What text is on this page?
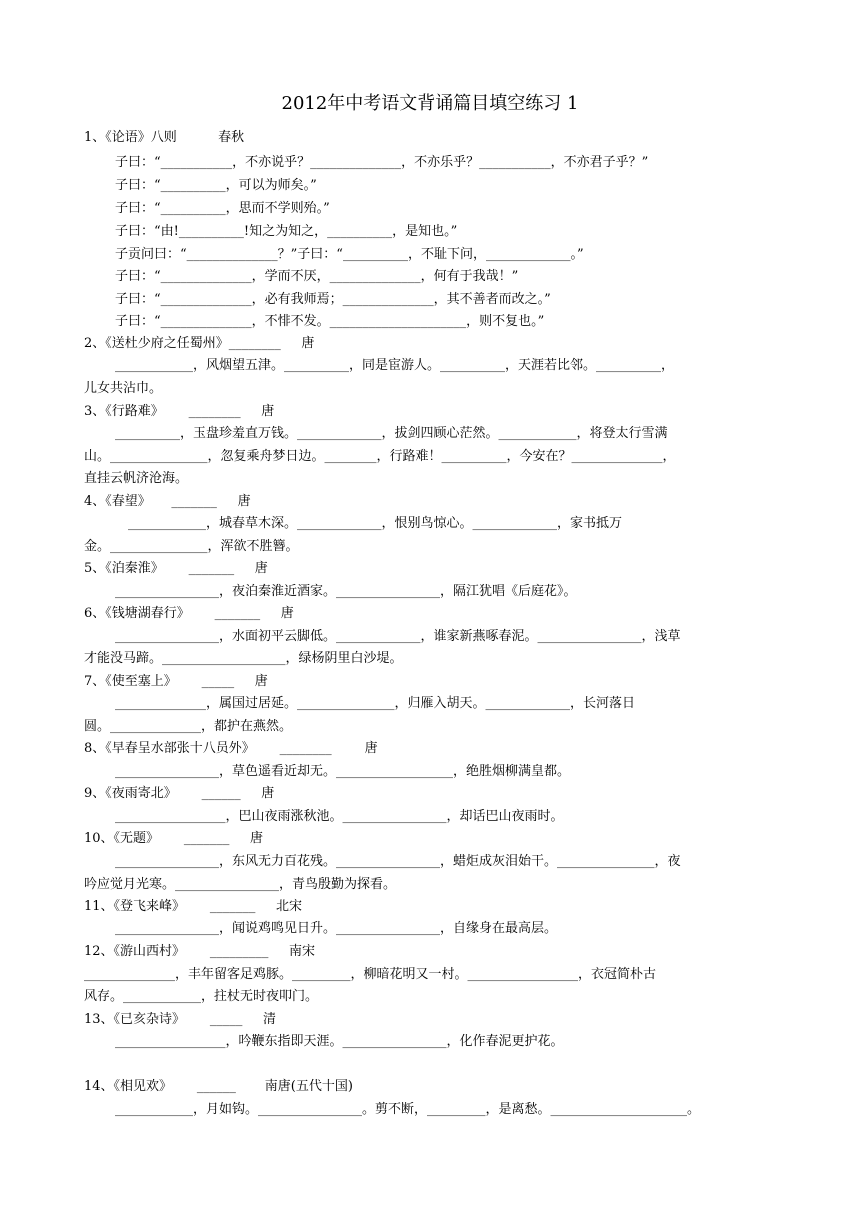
2012年中考语文背诵篇目填空练习 1
1、《论语》八则          春秋
子曰：“___________，不亦说乎？______________，不亦乐乎？___________，不亦君子乎？”
子曰：“__________，可以为师矣。”
子曰：“__________，思而不学则殆。”
子曰：“由!__________!知之为知之，__________，是知也。”
子贡问曰：“______________？”子曰：“__________，不耻下问，_____________。”
子曰：“______________，学而不厌，______________，何有于我哉！”
子曰：“______________，必有我师焉；______________，其不善者而改之。”
子曰：“______________，不悱不发。_____________________，则不复也。”
2、《送杜少府之任蜀州》________     唐
____________，风烟望五津。__________，同是宦游人。__________，天涯若比邻。__________，
儿女共沾巾。
3、《行路难》      ________     唐
__________，玉盘珍羞直万钱。_____________，拔剑四顾心茫然。____________，将登太行雪满
山。_______________，忽复乘舟梦日边。________，行路难！__________，今安在？______________，
直挂云帆济沧海。
4、《春望》     _______     唐
____________，城春草木深。_____________，恨别鸟惊心。_____________，家书抵万
金。_______________，浑欲不胜簪。
5、《泊秦淮》      _______     唐
________________，夜泊秦淮近酒家。________________，隔江犹唱《后庭花》。
6、《钱塘湖春行》      _______     唐
________________，水面初平云脚低。_____________，谁家新燕啄春泥。________________，浅草
才能没马蹄。___________________，绿杨阴里白沙堤。
7、《使至塞上》      _____     唐
______________，属国过居延。_______________，归雁入胡天。_____________，长河落日
圆。______________，都护在燕然。
8、《早春呈水部张十八员外》      ________        唐
________________，草色遥看近却无。__________________，绝胜烟柳满皇都。
9、《夜雨寄北》      ______     唐
_________________，巴山夜雨涨秋池。________________，却话巴山夜雨时。
10、《无题》      _______     唐
________________，东风无力百花残。________________，蜡炬成灰泪始干。_______________，夜
吟应觉月光寒。________________，青鸟殷勤为探看。
11、《登飞来峰》      _______     北宋
________________，闻说鸡鸣见日升。________________，自缘身在最高层。
12、《游山西村》      _________     南宋
______________，丰年留客足鸡豚。_________，柳暗花明又一村。_________________，衣冠简朴古
风存。____________，拄杖无时夜叩门。
13、《已亥杂诗》      _____     清
_________________，吟鞭东指即天涯。________________，化作春泥更护花。
14、《相见欢》      ______       南唐(五代十国)
____________，月如钩。________________。剪不断，_________，是离愁。_____________________。
